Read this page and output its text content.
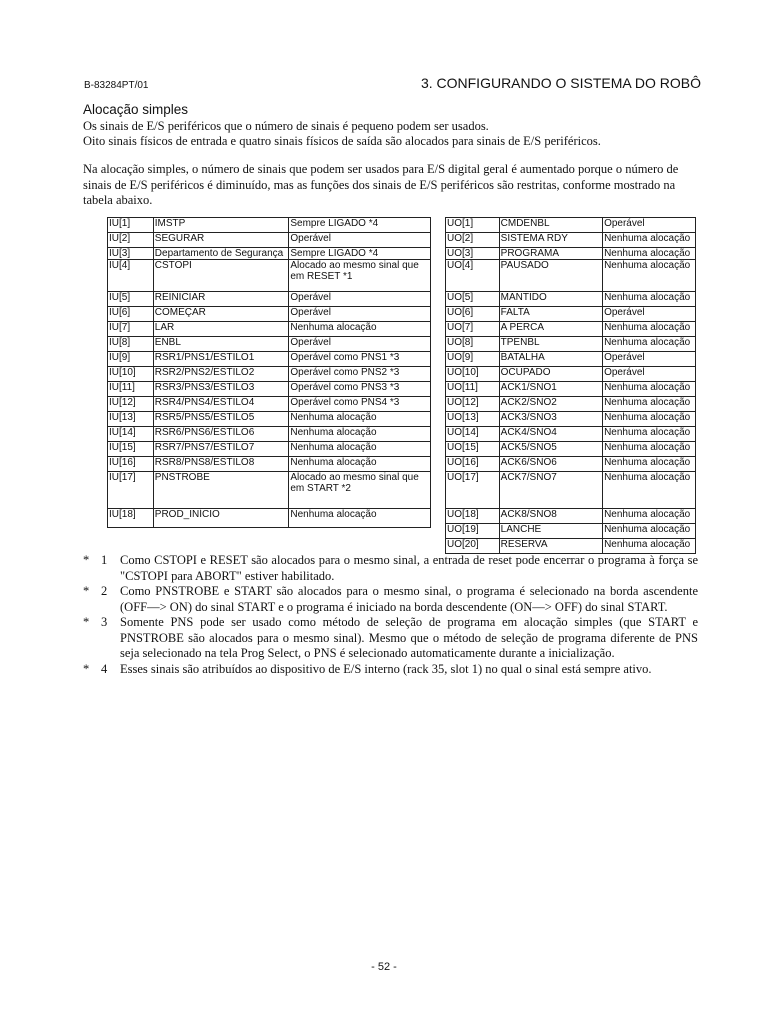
B-83284PT/01	3. CONFIGURANDO O SISTEMA DO ROBÔ
Alocação simples
Os sinais de E/S periféricos que o número de sinais é pequeno podem ser usados.
Oito sinais físicos de entrada e quatro sinais físicos de saída são alocados para sinais de E/S periféricos.
Na alocação simples, o número de sinais que podem ser usados para E/S digital geral é aumentado porque o número de sinais de E/S periféricos é diminuído, mas as funções dos sinais de E/S periféricos são restritas, conforme mostrado na tabela abaixo.
IU[1]	IMSTP	Sempre LIGADO *4
IU[2]	SEGURAR	Operável
IU[3]	Departamento de Segurança	Sempre LIGADO *4
IU[4]	CSTOPI	Alocado ao mesmo sinal que em RESET *1
IU[5]	REINICIAR	Operável
IU[6]	COMEÇAR	Operável
IU[7]	LAR	Nenhuma alocação
IU[8]	ENBL	Operável
IU[9]	RSR1/PNS1/ESTILO1	Operável como PNS1 *3
IU[10]	RSR2/PNS2/ESTILO2	Operável como PNS2 *3
IU[11]	RSR3/PNS3/ESTILO3	Operável como PNS3 *3
IU[12]	RSR4/PNS4/ESTILO4	Operável como PNS4 *3
IU[13]	RSR5/PNS5/ESTILO5	Nenhuma alocação
IU[14]	RSR6/PNS6/ESTILO6	Nenhuma alocação
IU[15]	RSR7/PNS7/ESTILO7	Nenhuma alocação
IU[16]	RSR8/PNS8/ESTILO8	Nenhuma alocação
IU[17]	PNSTROBE	Alocado ao mesmo sinal que em START *2
IU[18]	PROD_INÍCIO	Nenhuma alocação
UO[1]	CMDENBL	Operável
UO[2]	SISTEMA RDY	Nenhuma alocação
UO[3]	PROGRAMA	Nenhuma alocação
UO[4]	PAUSADO	Nenhuma alocação
UO[5]	MANTIDO	Nenhuma alocação
UO[6]	FALTA	Operável
UO[7]	A PERCA	Nenhuma alocação
UO[8]	TPENBL	Nenhuma alocação
UO[9]	BATALHA	Operável
UO[10]	OCUPADO	Operável
UO[11]	ACK1/SNO1	Nenhuma alocação
UO[12]	ACK2/SNO2	Nenhuma alocação
UO[13]	ACK3/SNO3	Nenhuma alocação
UO[14]	ACK4/SNO4	Nenhuma alocação
UO[15]	ACK5/SNO5	Nenhuma alocação
UO[16]	ACK6/SNO6	Nenhuma alocação
UO[17]	ACK7/SNO7	Nenhuma alocação
UO[18]	ACK8/SNO8	Nenhuma alocação
UO[19]	LANCHE	Nenhuma alocação
UO[20]	RESERVA	Nenhuma alocação
* 1 Como CSTOPI e RESET são alocados para o mesmo sinal, a entrada de reset pode encerrar o programa à força se "CSTOPI para ABORT" estiver habilitado.
* 2 Como PNSTROBE e START são alocados para o mesmo sinal, o programa é selecionado na borda ascendente (OFF—> ON) do sinal START e o programa é iniciado na borda descendente (ON—> OFF) do sinal START.
* 3 Somente PNS pode ser usado como método de seleção de programa em alocação simples (que START e PNSTROBE são alocados para o mesmo sinal). Mesmo que o método de seleção de programa diferente de PNS seja selecionado na tela Prog Select, o PNS é selecionado automaticamente durante a inicialização.
* 4 Esses sinais são atribuídos ao dispositivo de E/S interno (rack 35, slot 1) no qual o sinal está sempre ativo.
- 52 -
